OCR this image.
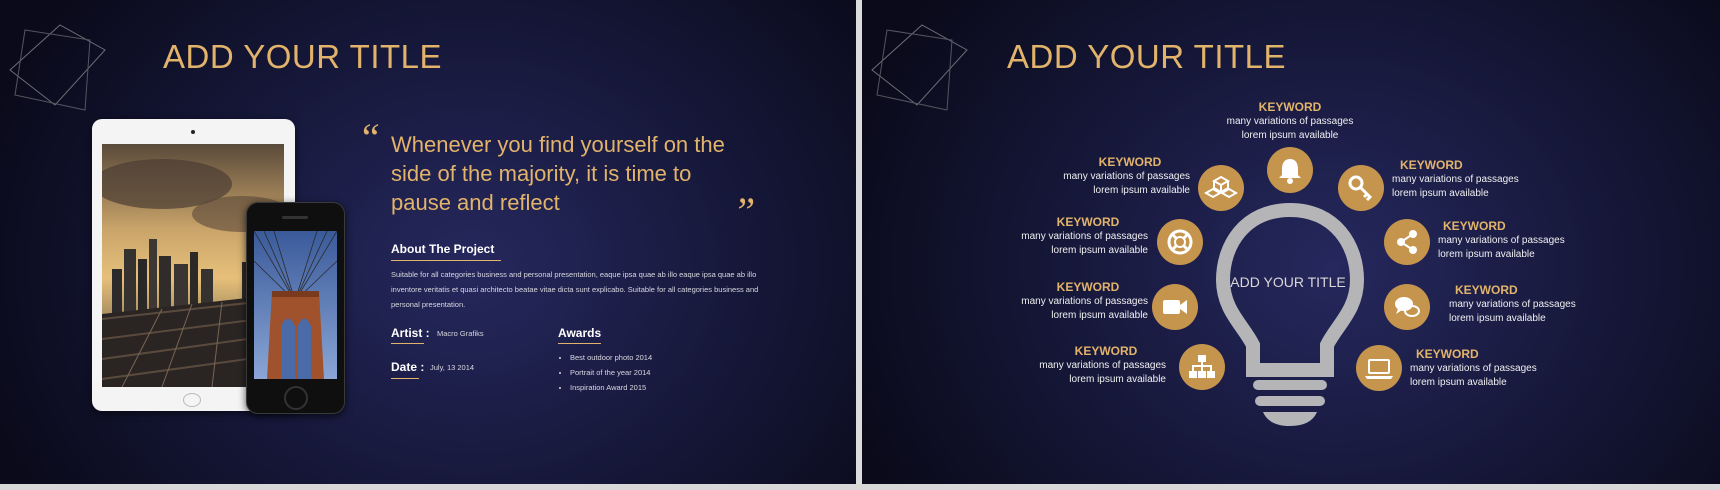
ADD YOUR TITLE
“ Whenever you find yourself on the side of the majority, it is time to pause and reflect	”
About The Project
Suitable for all categories business and personal presentation, eaque ipsa quae ab illo eaque ipsa quae ab illo inventore veritatis et quasi architecto beatae vitae dicta sunt explicabo. Suitable for all categories business and personal presentation.
Artist : Macro Grafiks
Date : July, 13 2014
Awards
• Best outdoor photo 2014
• Portrait of the year 2014
• Inspiration Award 2015
ADD YOUR TITLE
ADD YOUR TITLE
KEYWORD
many variations of passages
lorem ipsum available
KEYWORD
many variations of passages
lorem ipsum available
KEYWORD
many variations of passages
lorem ipsum available
KEYWORD
many variations of passages
lorem ipsum available
KEYWORD
many variations of passages
lorem ipsum available
KEYWORD
many variations of passages
lorem ipsum available
KEYWORD
many variations of passages
lorem ipsum available
KEYWORD
many variations of passages
lorem ipsum available
KEYWORD
many variations of passages
lorem ipsum available
